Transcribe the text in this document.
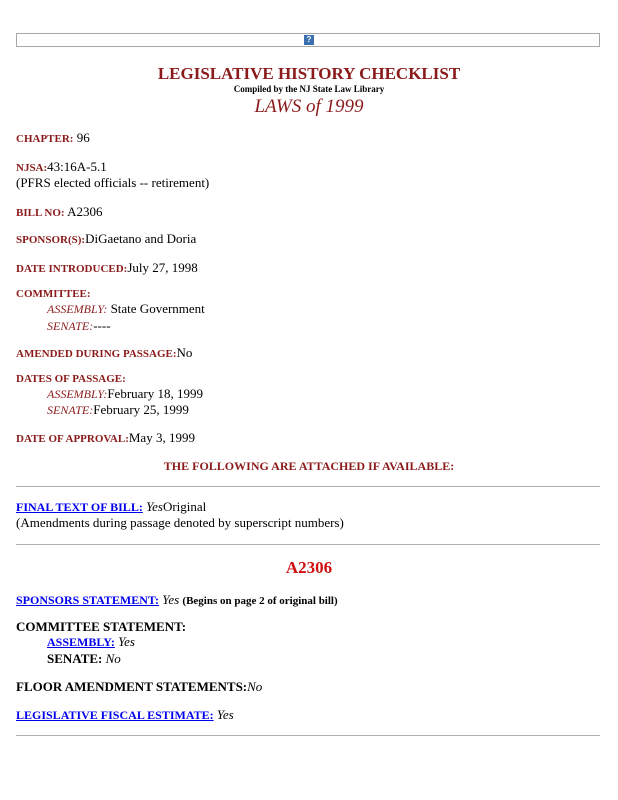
?
LEGISLATIVE HISTORY CHECKLIST
Compiled by the NJ State Law Library
LAWS of 1999
CHAPTER: 96
NJSA:43:16A-5.1
(PFRS elected officials -- retirement)
BILL NO: A2306
SPONSOR(S):DiGaetano and Doria
DATE INTRODUCED:July 27, 1998
COMMITTEE:
ASSEMBLY: State Government
SENATE:----
AMENDED DURING PASSAGE:No
DATES OF PASSAGE:
ASSEMBLY:February 18, 1999
SENATE:February 25, 1999
DATE OF APPROVAL:May 3, 1999
THE FOLLOWING ARE ATTACHED IF AVAILABLE:
FINAL TEXT OF BILL: YesOriginal
(Amendments during passage denoted by superscript numbers)
A2306
SPONSORS STATEMENT: Yes (Begins on page 2 of original bill)
COMMITTEE STATEMENT:
ASSEMBLY: Yes
SENATE: No
FLOOR AMENDMENT STATEMENTS:No
LEGISLATIVE FISCAL ESTIMATE: Yes
